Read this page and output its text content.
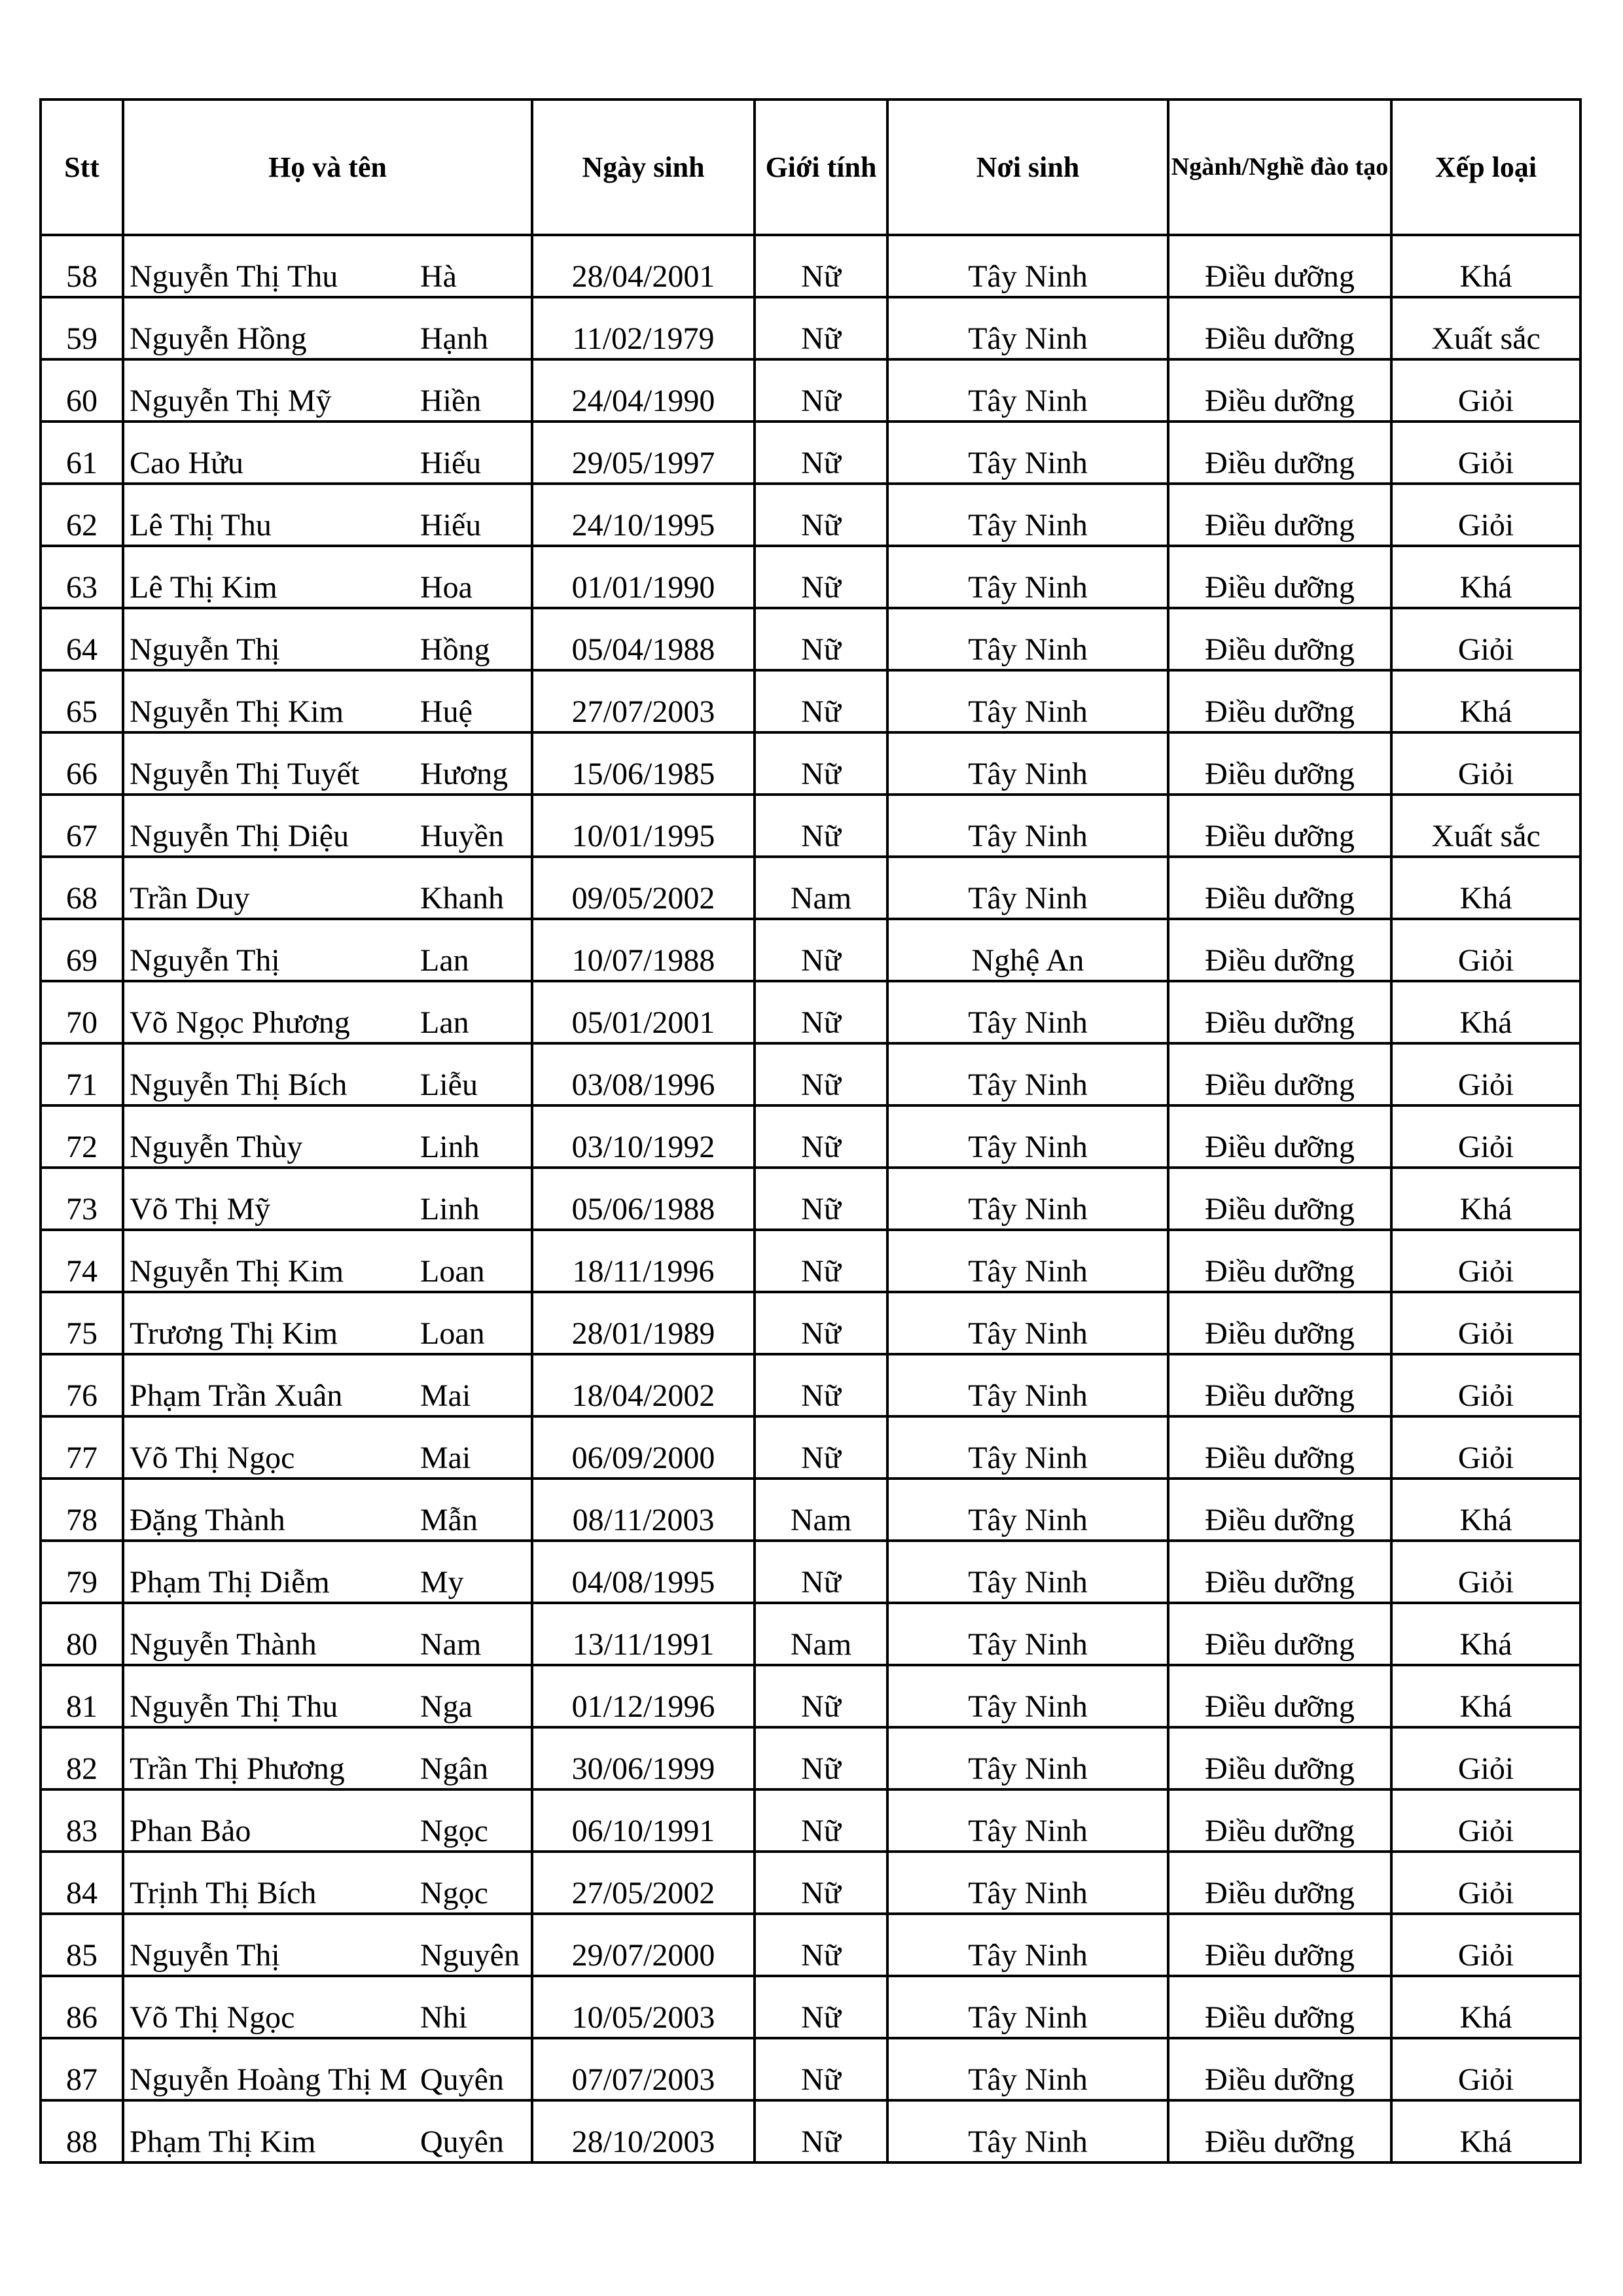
Stt	Họ và tên		Ngày sinh	Giới tính	Nơi sinh	Ngành/Nghề đào tạo	Xếp loại
58	Nguyễn Thị Thu	Hà	28/04/2001	Nữ	Tây Ninh	Điều dưỡng	Khá
59	Nguyễn Hồng	Hạnh	11/02/1979	Nữ	Tây Ninh	Điều dưỡng	Xuất sắc
60	Nguyễn Thị Mỹ	Hiền	24/04/1990	Nữ	Tây Ninh	Điều dưỡng	Giỏi
61	Cao Hửu	Hiếu	29/05/1997	Nữ	Tây Ninh	Điều dưỡng	Giỏi
62	Lê Thị Thu	Hiếu	24/10/1995	Nữ	Tây Ninh	Điều dưỡng	Giỏi
63	Lê Thị Kim	Hoa	01/01/1990	Nữ	Tây Ninh	Điều dưỡng	Khá
64	Nguyễn Thị	Hồng	05/04/1988	Nữ	Tây Ninh	Điều dưỡng	Giỏi
65	Nguyễn Thị Kim	Huệ	27/07/2003	Nữ	Tây Ninh	Điều dưỡng	Khá
66	Nguyễn Thị Tuyết	Hương	15/06/1985	Nữ	Tây Ninh	Điều dưỡng	Giỏi
67	Nguyễn Thị Diệu	Huyền	10/01/1995	Nữ	Tây Ninh	Điều dưỡng	Xuất sắc
68	Trần Duy	Khanh	09/05/2002	Nam	Tây Ninh	Điều dưỡng	Khá
69	Nguyễn Thị	Lan	10/07/1988	Nữ	Nghệ An	Điều dưỡng	Giỏi
70	Võ Ngọc Phương	Lan	05/01/2001	Nữ	Tây Ninh	Điều dưỡng	Khá
71	Nguyễn Thị Bích	Liễu	03/08/1996	Nữ	Tây Ninh	Điều dưỡng	Giỏi
72	Nguyễn Thùy	Linh	03/10/1992	Nữ	Tây Ninh	Điều dưỡng	Giỏi
73	Võ Thị Mỹ	Linh	05/06/1988	Nữ	Tây Ninh	Điều dưỡng	Khá
74	Nguyễn Thị Kim	Loan	18/11/1996	Nữ	Tây Ninh	Điều dưỡng	Giỏi
75	Trương Thị Kim	Loan	28/01/1989	Nữ	Tây Ninh	Điều dưỡng	Giỏi
76	Phạm Trần Xuân	Mai	18/04/2002	Nữ	Tây Ninh	Điều dưỡng	Giỏi
77	Võ Thị Ngọc	Mai	06/09/2000	Nữ	Tây Ninh	Điều dưỡng	Giỏi
78	Đặng Thành	Mẫn	08/11/2003	Nam	Tây Ninh	Điều dưỡng	Khá
79	Phạm Thị Diễm	My	04/08/1995	Nữ	Tây Ninh	Điều dưỡng	Giỏi
80	Nguyễn Thành	Nam	13/11/1991	Nam	Tây Ninh	Điều dưỡng	Khá
81	Nguyễn Thị Thu	Nga	01/12/1996	Nữ	Tây Ninh	Điều dưỡng	Khá
82	Trần Thị Phương	Ngân	30/06/1999	Nữ	Tây Ninh	Điều dưỡng	Giỏi
83	Phan Bảo	Ngọc	06/10/1991	Nữ	Tây Ninh	Điều dưỡng	Giỏi
84	Trịnh Thị Bích	Ngọc	27/05/2002	Nữ	Tây Ninh	Điều dưỡng	Giỏi
85	Nguyễn Thị	Nguyên	29/07/2000	Nữ	Tây Ninh	Điều dưỡng	Giỏi
86	Võ Thị Ngọc	Nhi	10/05/2003	Nữ	Tây Ninh	Điều dưỡng	Khá
87	Nguyễn Hoàng Thị M	Quyên	07/07/2003	Nữ	Tây Ninh	Điều dưỡng	Giỏi
88	Phạm Thị Kim	Quyên	28/10/2003	Nữ	Tây Ninh	Điều dưỡng	Khá
